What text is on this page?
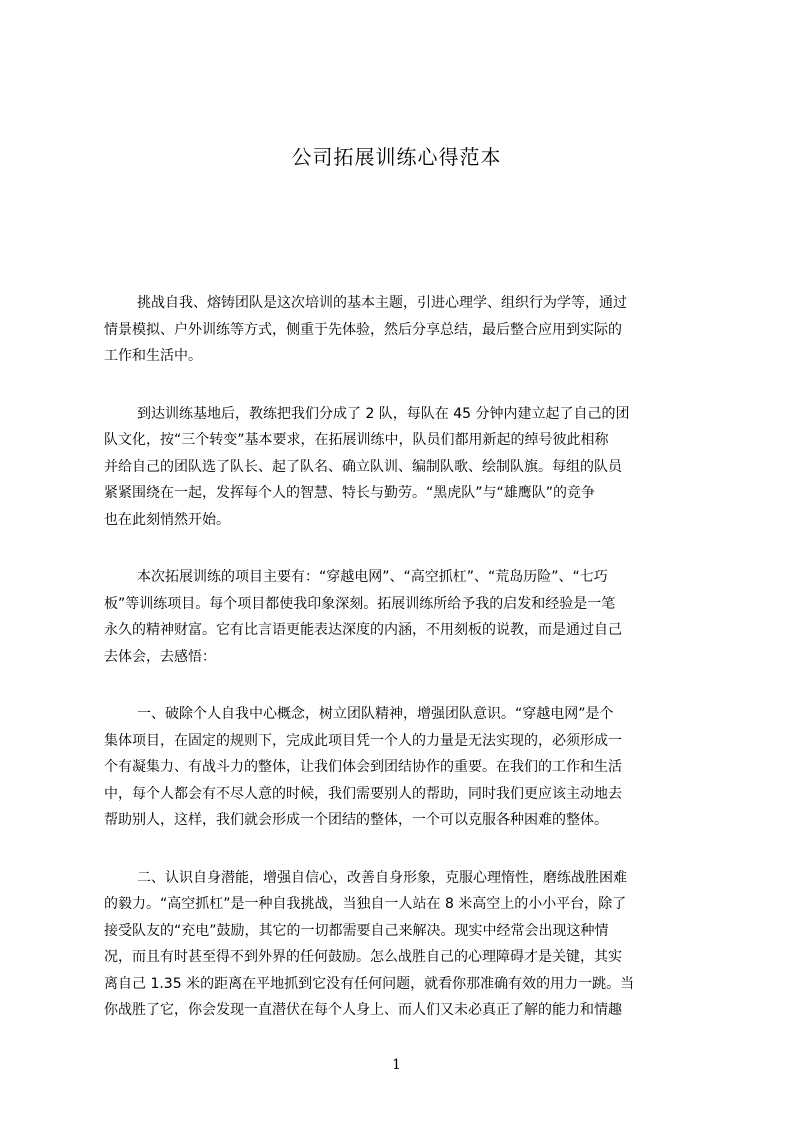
公司拓展训练心得范本
挑战自我、熔铸团队是这次培训的基本主题，引进心理学、组织行为学等，通过
情景模拟、户外训练等方式，侧重于先体验，然后分享总结，最后整合应用到实际的
工作和生活中。
到达训练基地后，教练把我们分成了 2 队，每队在 45 分钟内建立起了自己的团
队文化，按“三个转变”基本要求，在拓展训练中，队员们都用新起的绰号彼此相称
并给自己的团队选了队长、起了队名、确立队训、编制队歌、绘制队旗。每组的队员
紧紧围绕在一起，发挥每个人的智慧、特长与勤劳。“黑虎队”与“雄鹰队”的竞争
也在此刻悄然开始。
本次拓展训练的项目主要有：“穿越电网”、“高空抓杠”、“荒岛历险”、“七巧
板”等训练项目。每个项目都使我印象深刻。拓展训练所给予我的启发和经验是一笔
永久的精神财富。它有比言语更能表达深度的内涵，不用刻板的说教，而是通过自己
去体会，去感悟：
一、破除个人自我中心概念，树立团队精神，增强团队意识。“穿越电网”是个
集体项目，在固定的规则下，完成此项目凭一个人的力量是无法实现的，必须形成一
个有凝集力、有战斗力的整体，让我们体会到团结协作的重要。在我们的工作和生活
中，每个人都会有不尽人意的时候，我们需要别人的帮助，同时我们更应该主动地去
帮助别人，这样，我们就会形成一个团结的整体，一个可以克服各种困难的整体。
二、认识自身潜能，增强自信心，改善自身形象，克服心理惰性，磨练战胜困难
的毅力。“高空抓杠”是一种自我挑战，当独自一人站在 8 米高空上的小小平台，除了
接受队友的“充电”鼓励，其它的一切都需要自己来解决。现实中经常会出现这种情
况，而且有时甚至得不到外界的任何鼓励。怎么战胜自己的心理障碍才是关键，其实
离自己 1.35 米的距离在平地抓到它没有任何问题，就看你那准确有效的用力一跳。当
你战胜了它，你会发现一直潜伏在每个人身上、而人们又未必真正了解的能力和情趣
1
